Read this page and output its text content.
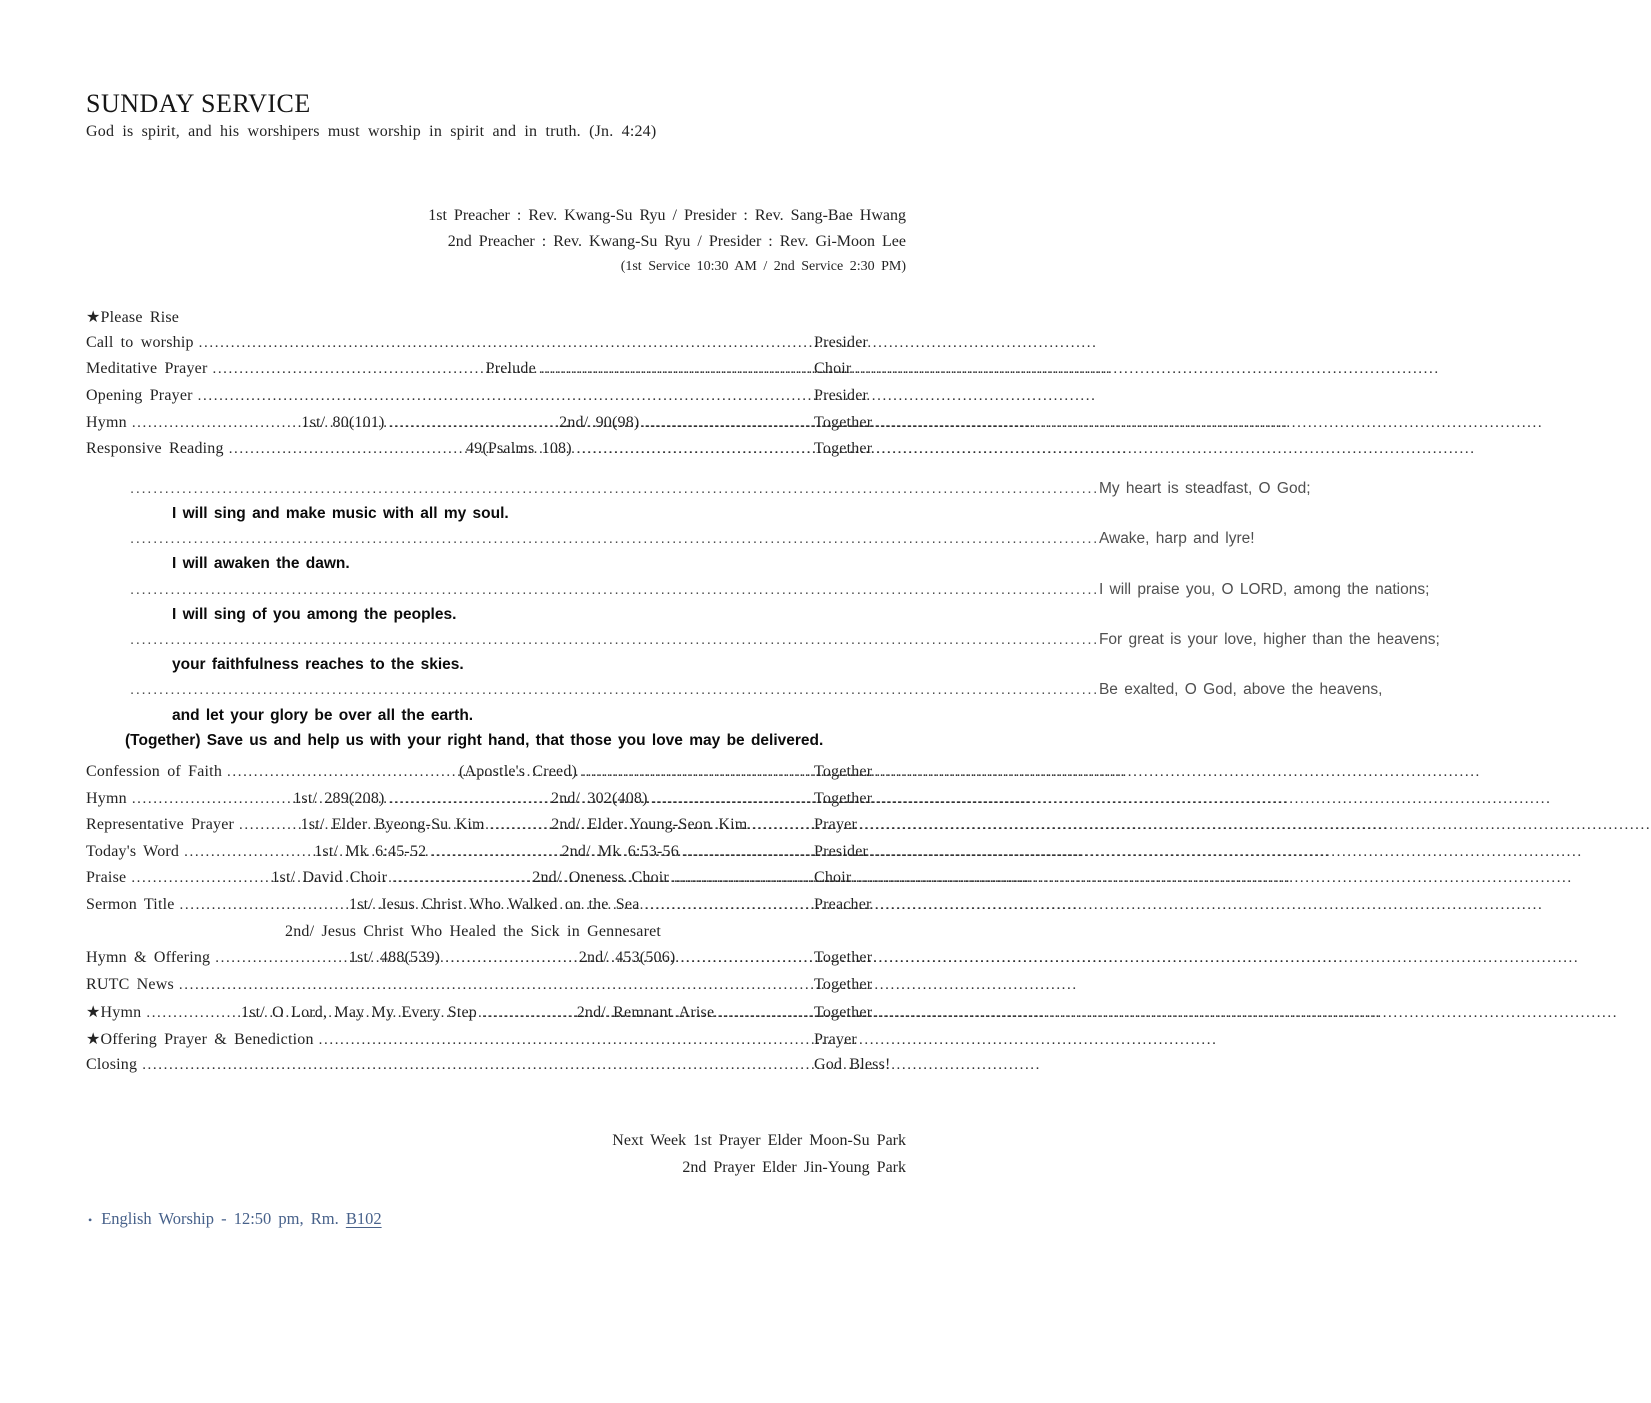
SUNDAY SERVICE
God is spirit, and his worshipers must worship in spirit and in truth. (Jn. 4:24)
1st Preacher : Rev. Kwang-Su Ryu / Presider : Rev. Sang-Bae Hwang
2nd Preacher : Rev. Kwang-Su Ryu / Presider : Rev. Gi-Moon Lee
(1st Service 10:30 AM / 2nd Service 2:30 PM)
★Please Rise
Call to worship .....	Presider
Meditative Prayer .....	Prelude .....	Choir
Opening Prayer .....	Presider
Hymn .....	1st/ 80(101) .....	2nd/ 90(98) .....	Together
Responsive Reading .....	49(Psalms 108) .....	Together
..... My heart is steadfast, O God;
I will sing and make music with all my soul.
..... Awake, harp and lyre!
I will awaken the dawn.
..... I will praise you, O LORD, among the nations;
I will sing of you among the peoples.
..... For great is your love, higher than the heavens;
your faithfulness reaches to the skies.
..... Be exalted, O God, above the heavens,
and let your glory be over all the earth.
(Together) Save us and help us with your right hand, that those you love may be delivered.
Confession of Faith .....	(Apostle's Creed) .....	Together
Hymn .....	1st/ 289(208) .....	2nd/ 302(408) .....	Together
Representative Prayer .....	1st/ Elder Byeong-Su Kim .....	2nd/ Elder Young-Seon Kim .....	Prayer
Today's Word .....	1st/ Mk 6:45-52 .....	2nd/ Mk 6:53-56 .....	Presider
Praise .....	1st/ David Choir .....	2nd/ Oneness Choir .....	Choir
Sermon Title .....	1st/ Jesus Christ Who Walked on the Sea .....	Preacher
2nd/ Jesus Christ Who Healed the Sick in Gennesaret
Hymn & Offering .....	1st/ 488(539) .....	2nd/ 453(506) .....	Together
RUTC News .....	Together
★Hymn .....	1st/ O Lord, May My Every Step .....	2nd/ Remnant Arise .....	Together
★Offering Prayer & Benediction .....	Prayer
Closing .....	God Bless!
Next Week 1st Prayer Elder Moon-Su Park
2nd Prayer Elder Jin-Young Park
• English Worship - 12:50 pm, Rm. B102
